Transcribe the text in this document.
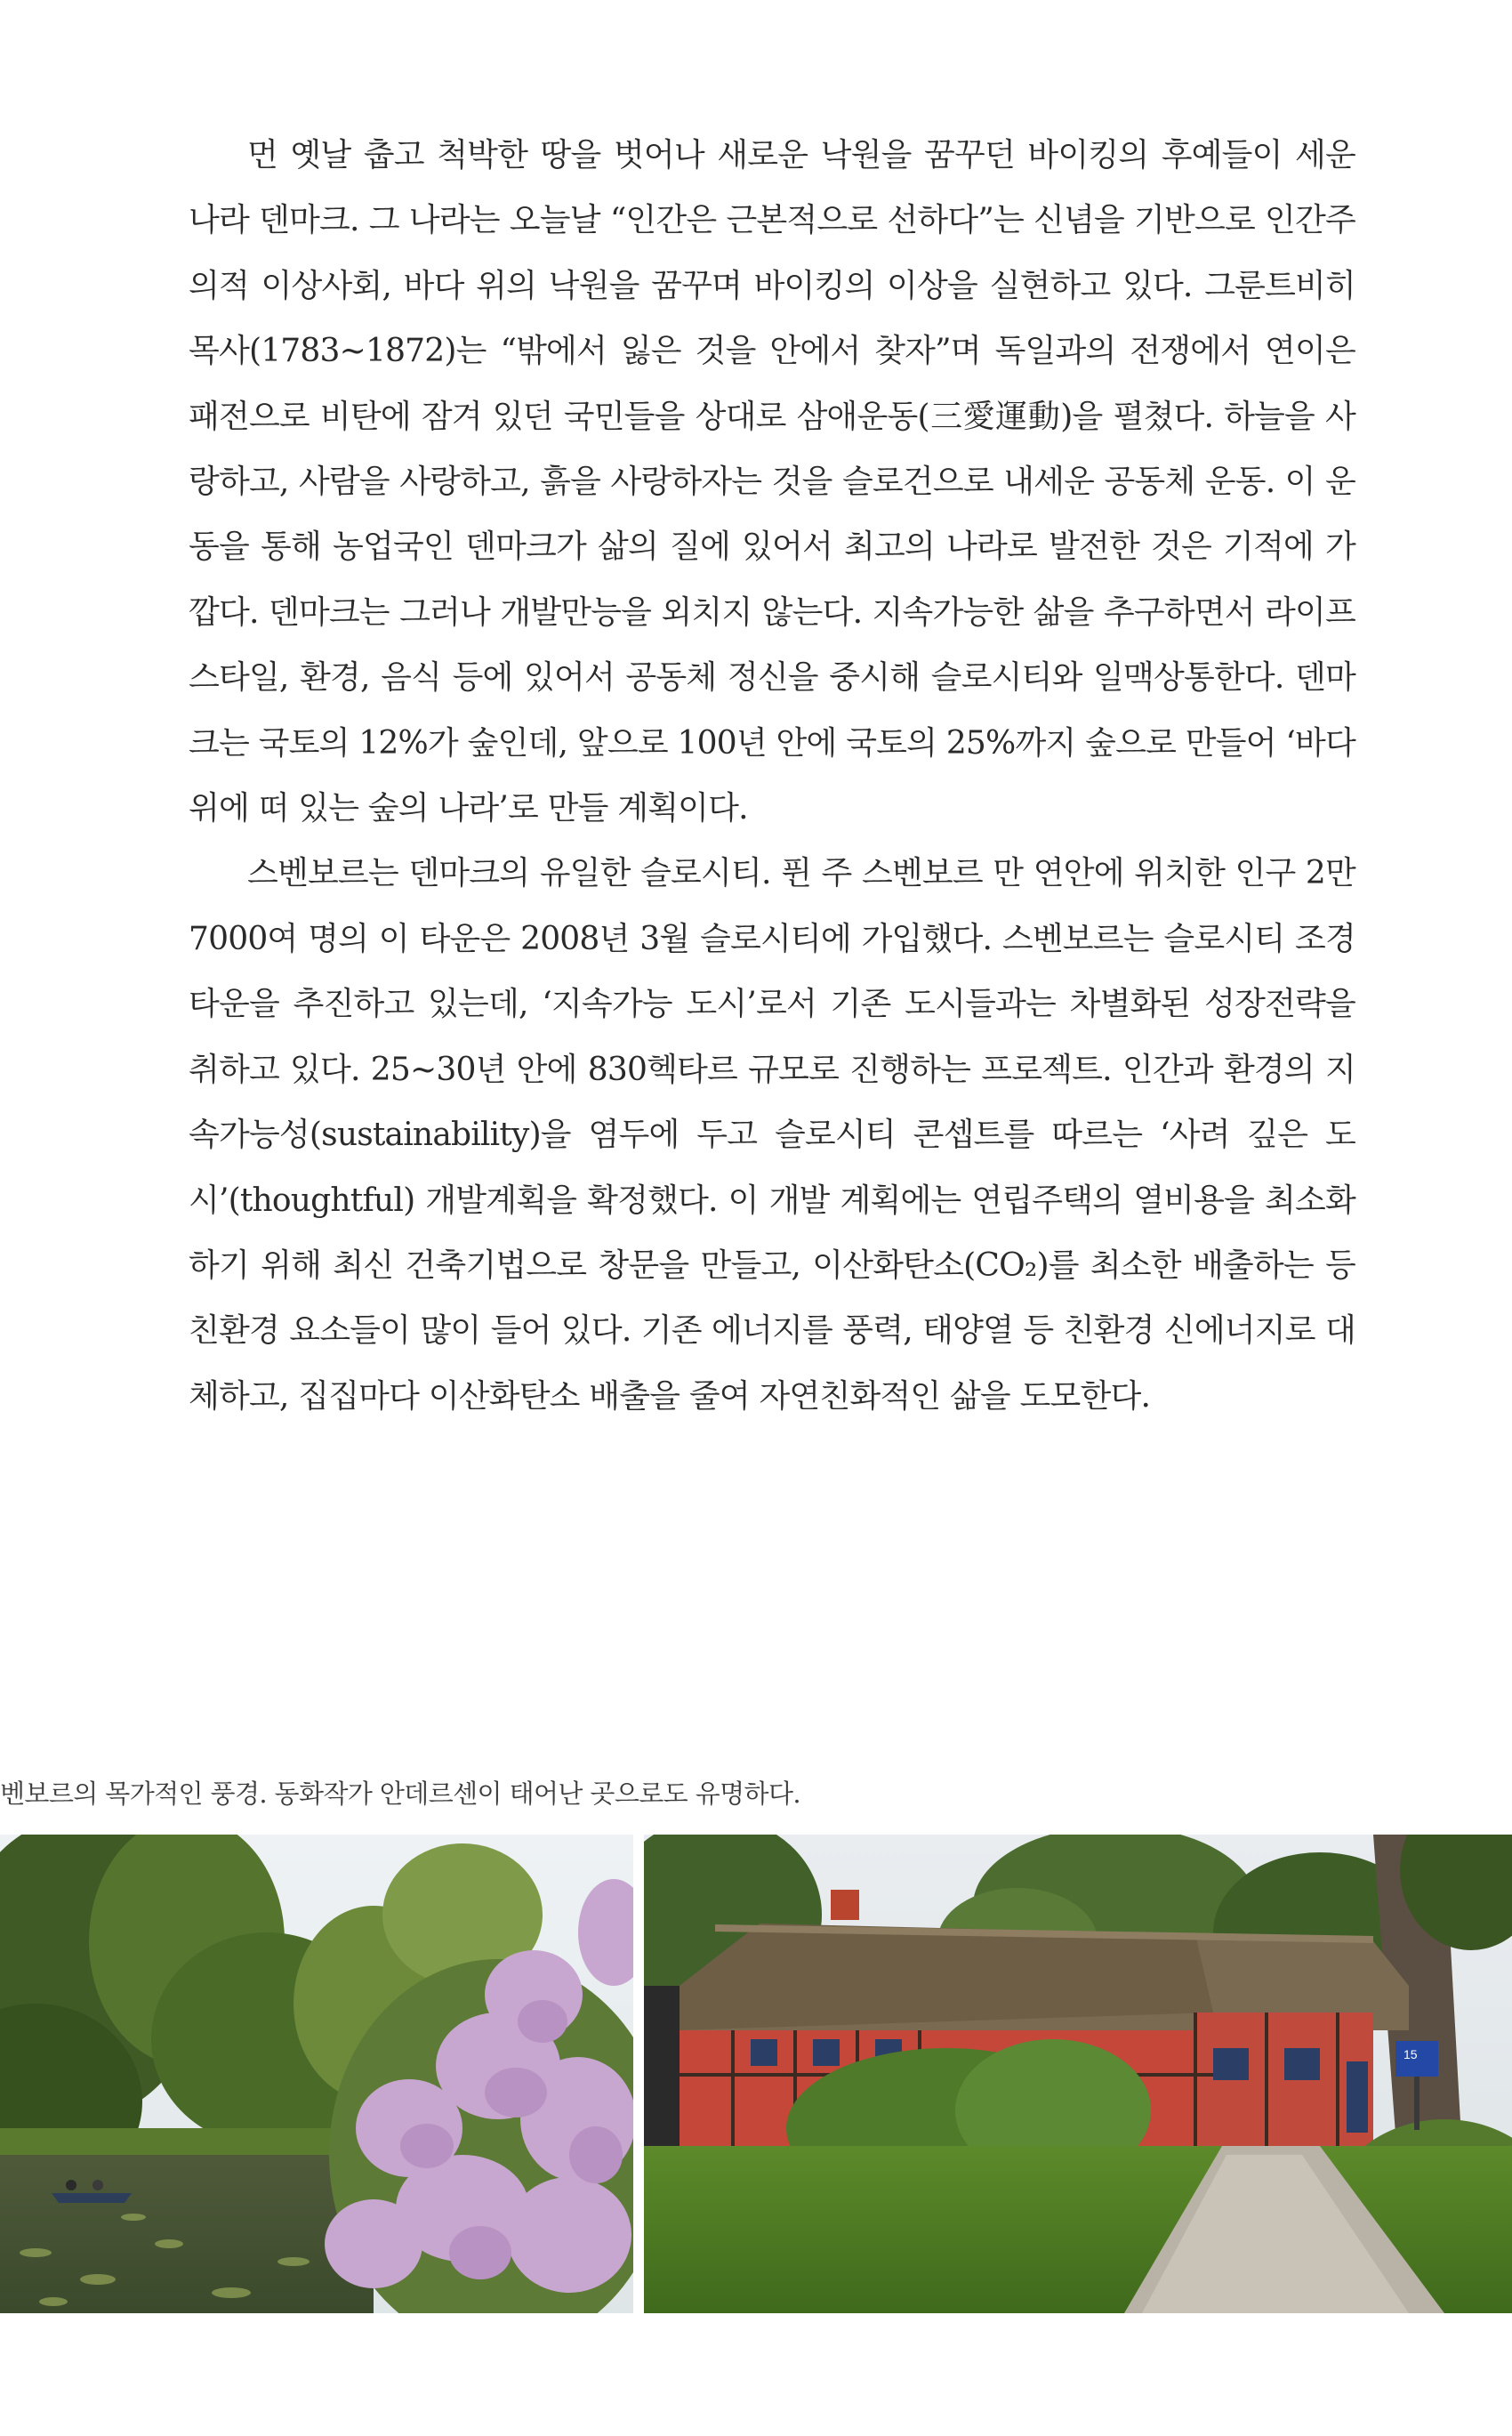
먼 옛날 춥고 척박한 땅을 벗어나 새로운 낙원을 꿈꾸던 바이킹의 후예들이 세운 나라 덴마크. 그 나라는 오늘날 “인간은 근본적으로 선하다”는 신념을 기반으로 인간주의적 이상사회, 바다 위의 낙원을 꿈꾸며 바이킹의 이상을 실현하고 있다. 그룬트비히 목사(1783~1872)는 “밖에서 잃은 것을 안에서 찾자”며 독일과의 전쟁에서 연이은 패전으로 비탄에 잠겨 있던 국민들을 상대로 삼애운동(三愛運動)을 펼쳤다. 하늘을 사랑하고, 사람을 사랑하고, 흙을 사랑하자는 것을 슬로건으로 내세운 공동체 운동. 이 운동을 통해 농업국인 덴마크가 삶의 질에 있어서 최고의 나라로 발전한 것은 기적에 가깝다. 덴마크는 그러나 개발만능을 외치지 않는다. 지속가능한 삶을 추구하면서 라이프스타일, 환경, 음식 등에 있어서 공동체 정신을 중시해 슬로시티와 일맥상통한다. 덴마크는 국토의 12%가 숲인데, 앞으로 100년 안에 국토의 25%까지 숲으로 만들어 ‘바다 위에 떠 있는 숲의 나라’로 만들 계획이다.

스벤보르는 덴마크의 유일한 슬로시티. 퓐 주 스벤보르 만 연안에 위치한 인구 2만 7000여 명의 이 타운은 2008년 3월 슬로시티에 가입했다. 스벤보르는 슬로시티 조경타운을 추진하고 있는데, ‘지속가능 도시’로서 기존 도시들과는 차별화된 성장전략을 취하고 있다. 25~30년 안에 830헥타르 규모로 진행하는 프로젝트. 인간과 환경의 지속가능성(sustainability)을 염두에 두고 슬로시티 콘셉트를 따르는 ‘사려 깊은 도시’(thoughtful) 개발계획을 확정했다. 이 개발 계획에는 연립주택의 열비용을 최소화하기 위해 최신 건축기법으로 창문을 만들고, 이산화탄소(CO₂)를 최소한 배출하는 등 친환경 요소들이 많이 들어 있다. 기존 에너지를 풍력, 태양열 등 친환경 신에너지로 대체하고, 집집마다 이산화탄소 배출을 줄여 자연친화적인 삶을 도모한다.

벤보르의 목가적인 풍경. 동화작가 안데르센이 태어난 곳으로도 유명하다.
15
